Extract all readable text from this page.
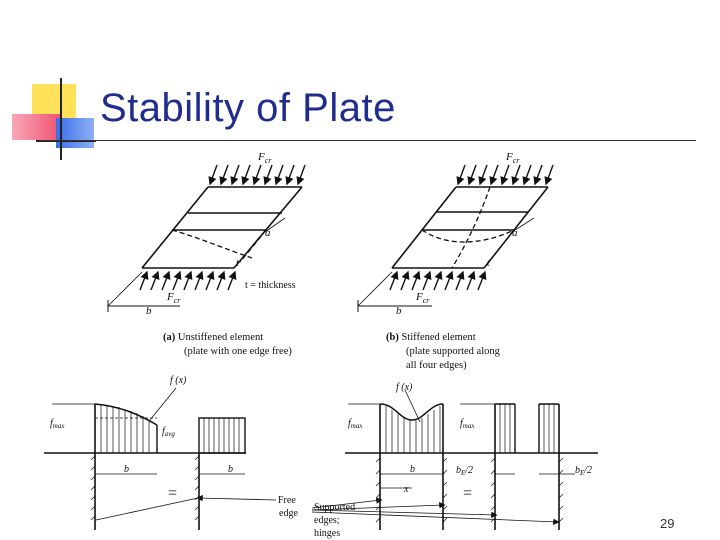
Stability of Plate
$F_{cr}$
$F_{cr}$
a
t
b
t = thickness
(a) Unstiffened element
(plate with one edge free)
$F_{cr}$
$F_{cr}$
a
t
b
(b) Stiffened element
(plate supported along
all four edges)
f (x)
$f_{max}$	$f_{avg}$
b	b
=
f (x)
$f_{max}$	$f_{max}$
b
x
$b_E/2$	$b_E/2$
=
Free
edge
Supported
edges;
hinges
29
